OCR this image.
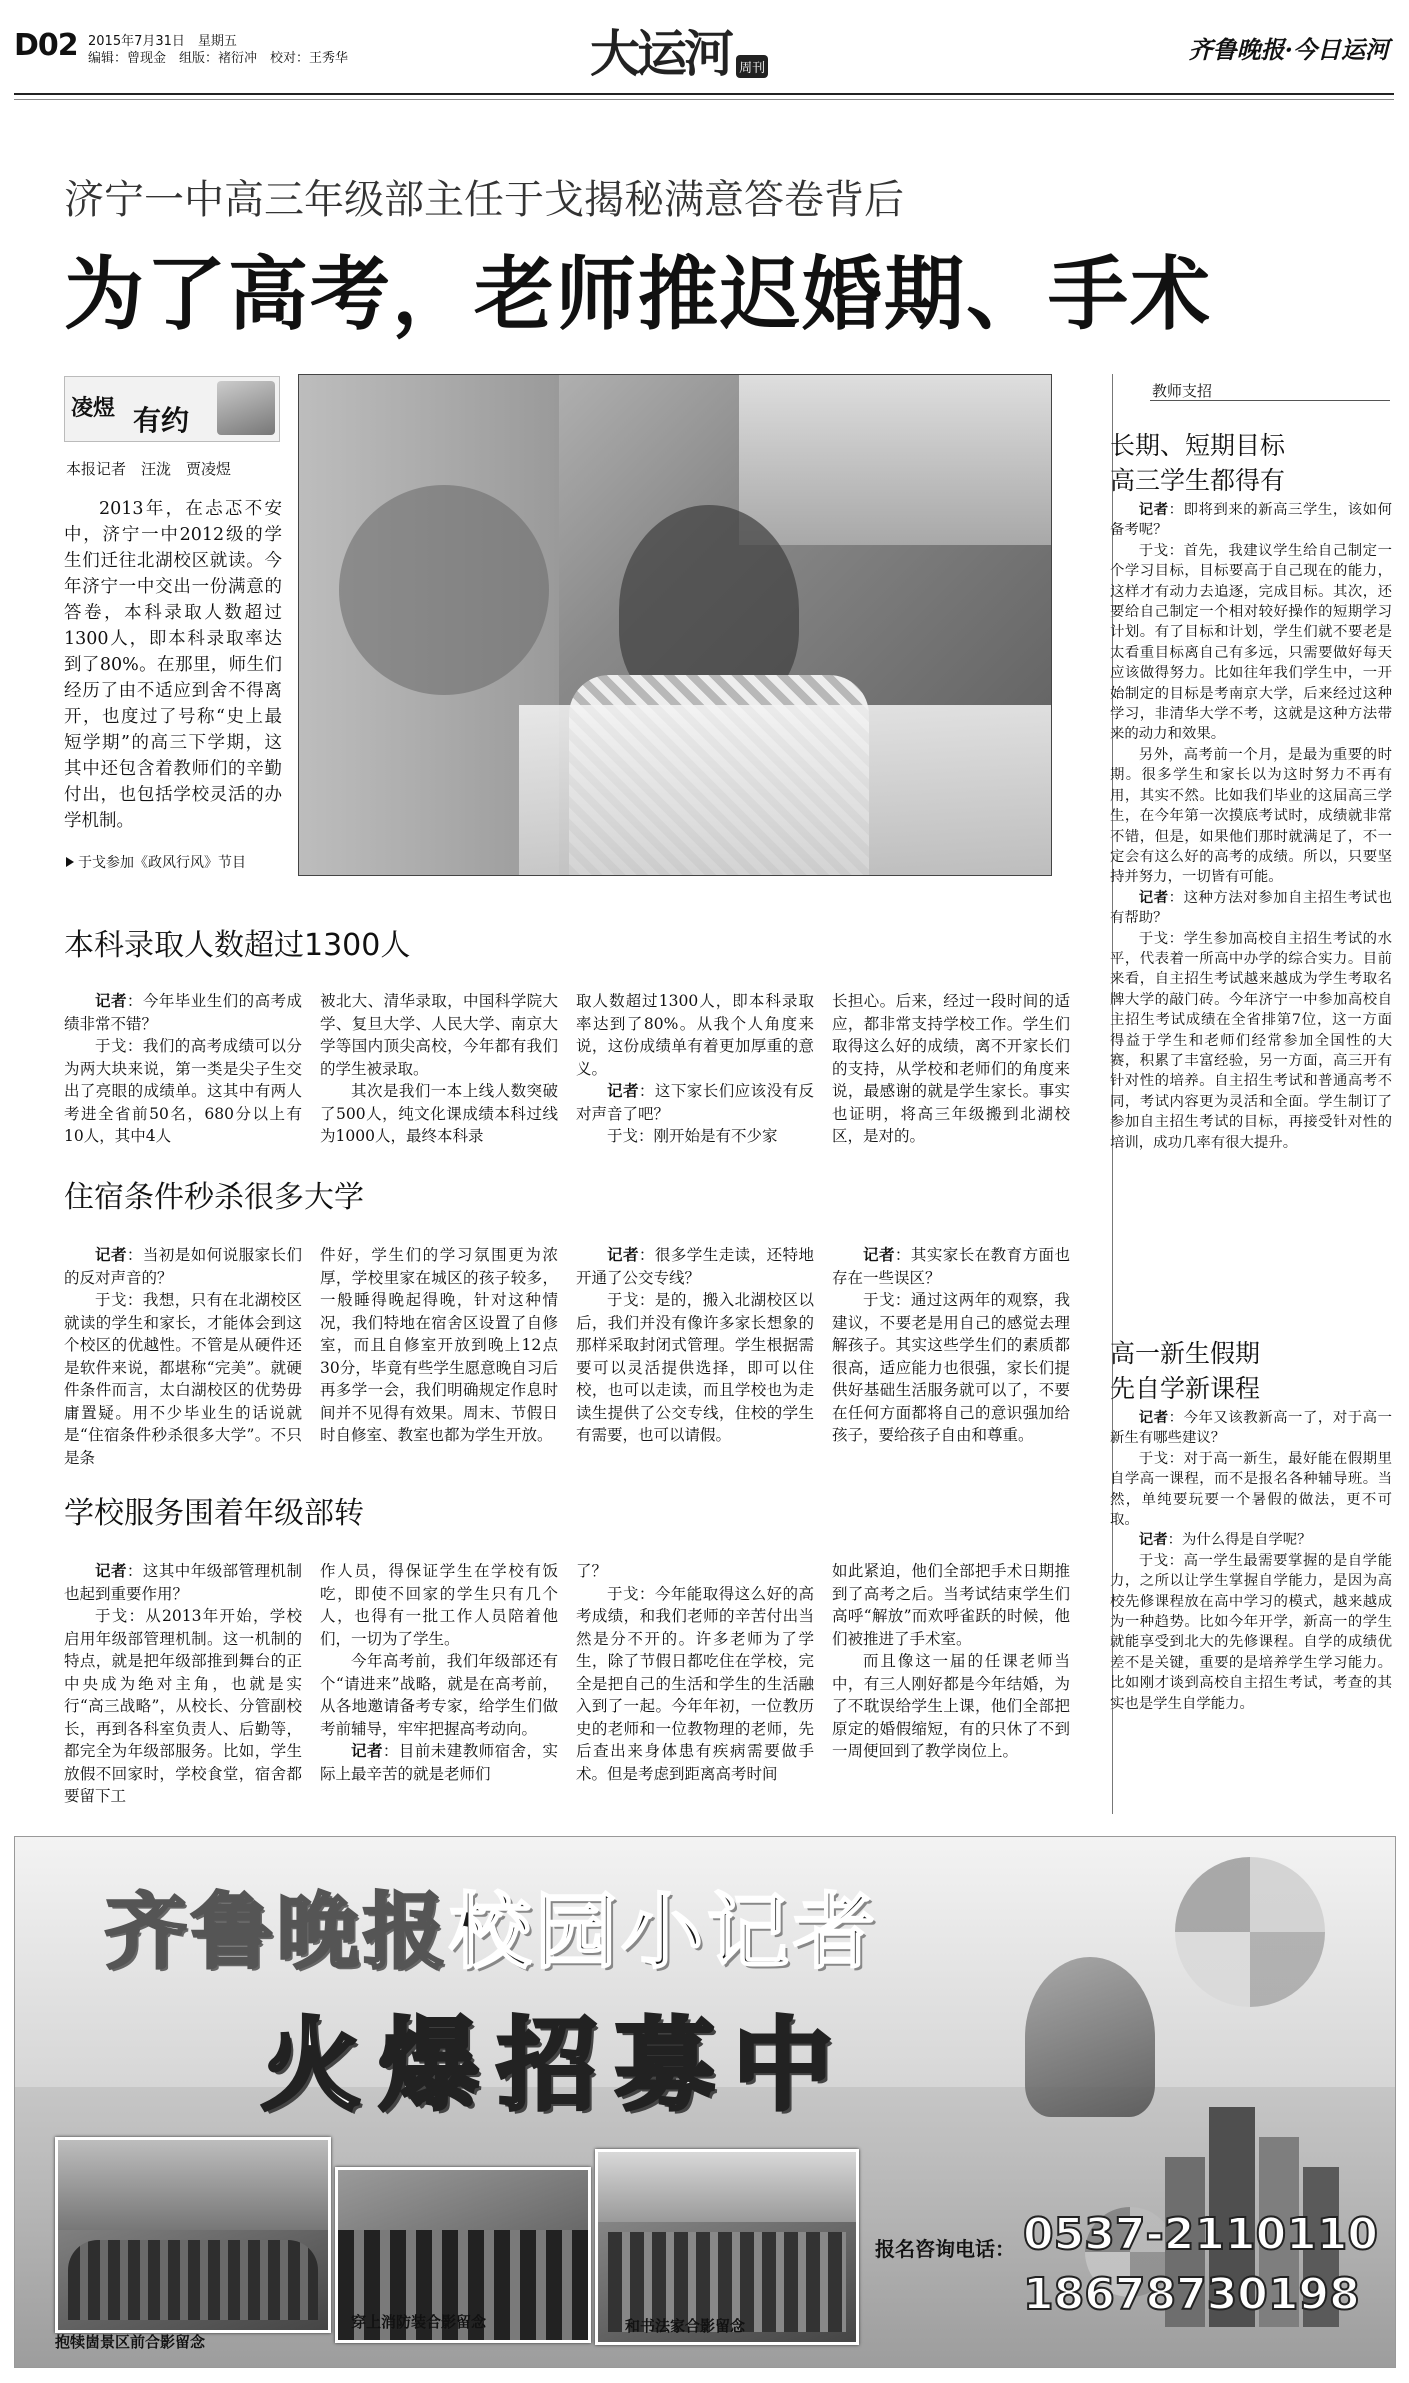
D02 2015年7月31日　星期五
编辑：曾现金　组版：褚衍冲　校对：王秀华	大运河 周刊
齐鲁晚报·今日运河
济宁一中高三年级部主任于戈揭秘满意答卷背后
为了高考，老师推迟婚期、手术
凌煜 有约
本报记者　汪泷　贾凌煜
2013年，在忐忑不安中，济宁一中2012级的学生们迁往北湖校区就读。今年济宁一中交出一份满意的答卷，本科录取人数超过1300人，即本科录取率达到了80%。在那里，师生们经历了由不适应到舍不得离开，也度过了号称“史上最短学期”的高三下学期，这其中还包含着教师们的辛勤付出，也包括学校灵活的办学机制。
于戈参加《政风行风》节目
教师支招
长期、短期目标
高三学生都得有

记者：即将到来的新高三学生，该如何备考呢？

于戈：首先，我建议学生给自己制定一个学习目标，目标要高于自己现在的能力，这样才有动力去追逐，完成目标。其次，还要给自己制定一个相对较好操作的短期学习计划。有了目标和计划，学生们就不要老是太看重目标离自己有多远，只需要做好每天应该做得努力。比如往年我们学生中，一开始制定的目标是考南京大学，后来经过这种学习，非清华大学不考，这就是这种方法带来的动力和效果。

另外，高考前一个月，是最为重要的时期。很多学生和家长以为这时努力不再有用，其实不然。比如我们毕业的这届高三学生，在今年第一次摸底考试时，成绩就非常不错，但是，如果他们那时就满足了，不一定会有这么好的高考的成绩。所以，只要坚持并努力，一切皆有可能。

记者：这种方法对参加自主招生考试也有帮助？

于戈：学生参加高校自主招生考试的水平，代表着一所高中办学的综合实力。目前来看，自主招生考试越来越成为学生考取名牌大学的敲门砖。今年济宁一中参加高校自主招生考试成绩在全省排第7位，这一方面得益于学生和老师们经常参加全国性的大赛，积累了丰富经验，另一方面，高三开有针对性的培养。自主招生考试和普通高考不同，考试内容更为灵活和全面。学生制订了参加自主招生考试的目标，再接受针对性的培训，成功几率有很大提升。

高一新生假期
先自学新课程

记者：今年又该教新高一了，对于高一新生有哪些建议？

于戈：对于高一新生，最好能在假期里自学高一课程，而不是报名各种辅导班。当然，单纯要玩要一个暑假的做法，更不可取。

记者：为什么得是自学呢？

于戈：高一学生最需要掌握的是自学能力，之所以让学生掌握自学能力，是因为高校先修课程放在高中学习的模式，越来越成为一种趋势。比如今年开学，新高一的学生就能享受到北大的先修课程。自学的成绩优差不是关键，重要的是培养学生学习能力。比如刚才谈到高校自主招生考试，考查的其实也是学生自学能力。

本科录取人数超过1300人

记者：今年毕业生们的高考成绩非常不错？

于戈：我们的高考成绩可以分为两大块来说，第一类是尖子生交出了亮眼的成绩单。这其中有两人考进全省前50名，680分以上有10人，其中4人

被北大、清华录取，中国科学院大学、复旦大学、人民大学、南京大学等国内顶尖高校，今年都有我们的学生被录取。

其次是我们一本上线人数突破了500人，纯文化课成绩本科过线为1000人，最终本科录

取人数超过1300人，即本科录取率达到了80%。从我个人角度来说，这份成绩单有着更加厚重的意义。

记者：这下家长们应该没有反对声音了吧？

于戈：刚开始是有不少家

长担心。后来，经过一段时间的适应，都非常支持学校工作。学生们取得这么好的成绩，离不开家长们的支持，从学校和老师们的角度来说，最感谢的就是学生家长。事实也证明，将高三年级搬到北湖校区，是对的。

住宿条件秒杀很多大学

记者：当初是如何说服家长们的反对声音的？

于戈：我想，只有在北湖校区就读的学生和家长，才能体会到这个校区的优越性。不管是从硬件还是软件来说，都堪称“完美”。就硬件条件而言，太白湖校区的优势毋庸置疑。用不少毕业生的话说就是“住宿条件秒杀很多大学”。不只是条

件好，学生们的学习氛围更为浓厚，学校里家在城区的孩子较多，一般睡得晚起得晚，针对这种情况，我们特地在宿舍区设置了自修室，而且自修室开放到晚上12点30分，毕竟有些学生愿意晚自习后再多学一会，我们明确规定作息时间并不见得有效果。周末、节假日时自修室、教室也都为学生开放。

记者：很多学生走读，还特地开通了公交专线？

于戈：是的，搬入北湖校区以后，我们并没有像许多家长想象的那样采取封闭式管理。学生根据需要可以灵活提供选择，即可以住校，也可以走读，而且学校也为走读生提供了公交专线，住校的学生有需要，也可以请假。

记者：其实家长在教育方面也存在一些误区？

于戈：通过这两年的观察，我建议，不要老是用自己的感觉去理解孩子。其实这些学生们的素质都很高，适应能力也很强，家长们提供好基础生活服务就可以了，不要在任何方面都将自己的意识强加给孩子，要给孩子自由和尊重。

学校服务围着年级部转

记者：这其中年级部管理机制也起到重要作用？

于戈：从2013年开始，学校启用年级部管理机制。这一机制的特点，就是把年级部推到舞台的正中央成为绝对主角，也就是实行“高三战略”，从校长、分管副校长，再到各科室负责人、后勤等，都完全为年级部服务。比如，学生放假不回家时，学校食堂，宿舍都要留下工

作人员，得保证学生在学校有饭吃，即使不回家的学生只有几个人，也得有一批工作人员陪着他们，一切为了学生。

今年高考前，我们年级部还有个“请进来”战略，就是在高考前，从各地邀请备考专家，给学生们做考前辅导，牢牢把握高考动向。

记者：目前未建教师宿舍，实际上最辛苦的就是老师们

了？

于戈：今年能取得这么好的高考成绩，和我们老师的辛苦付出当然是分不开的。许多老师为了学生，除了节假日都吃住在学校，完全是把自己的生活和学生的生活融入到了一起。今年年初，一位教历史的老师和一位教物理的老师，先后查出来身体患有疾病需要做手术。但是考虑到距离高考时间

如此紧迫，他们全部把手术日期推到了高考之后。当考试结束学生们高呼“解放”而欢呼雀跃的时候，他们被推进了手术室。

而且像这一届的任课老师当中，有三人刚好都是今年结婚，为了不耽误给学生上课，他们全部把原定的婚假缩短，有的只休了不到一周便回到了教学岗位上。

齐鲁晚报校园小记者
火爆招募中
抱犊崮景区前合影留念
穿上消防装合影留念	和书法家合影留念
报名咨询电话： 0537-2110110
18678730198
